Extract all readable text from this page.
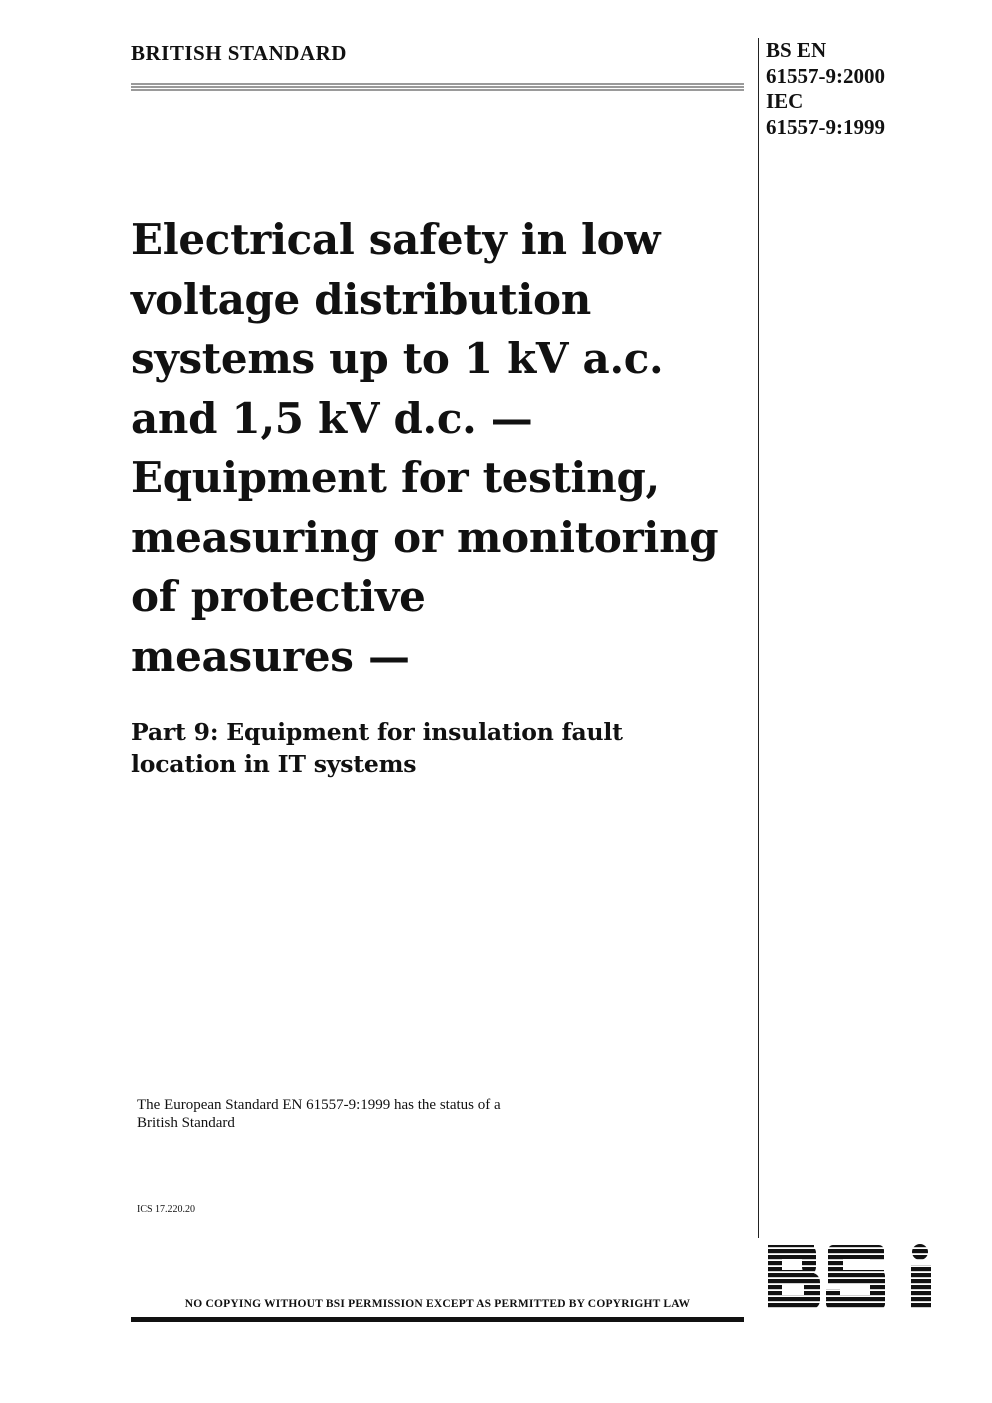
BRITISH STANDARD	BS EN
61557-9:2000
IEC
61557-9:1999
Electrical safety in low
voltage distribution
systems up to 1 kV a.c.
and 1,5 kV d.c. —
Equipment for testing,
measuring or monitoring
of protective
measures —
Part 9: Equipment for insulation fault
location in IT systems
The European Standard EN 61557-9:1999 has the status of a
British Standard
ICS 17.220.20
NO COPYING WITHOUT BSI PERMISSION EXCEPT AS PERMITTED BY COPYRIGHT LAW
